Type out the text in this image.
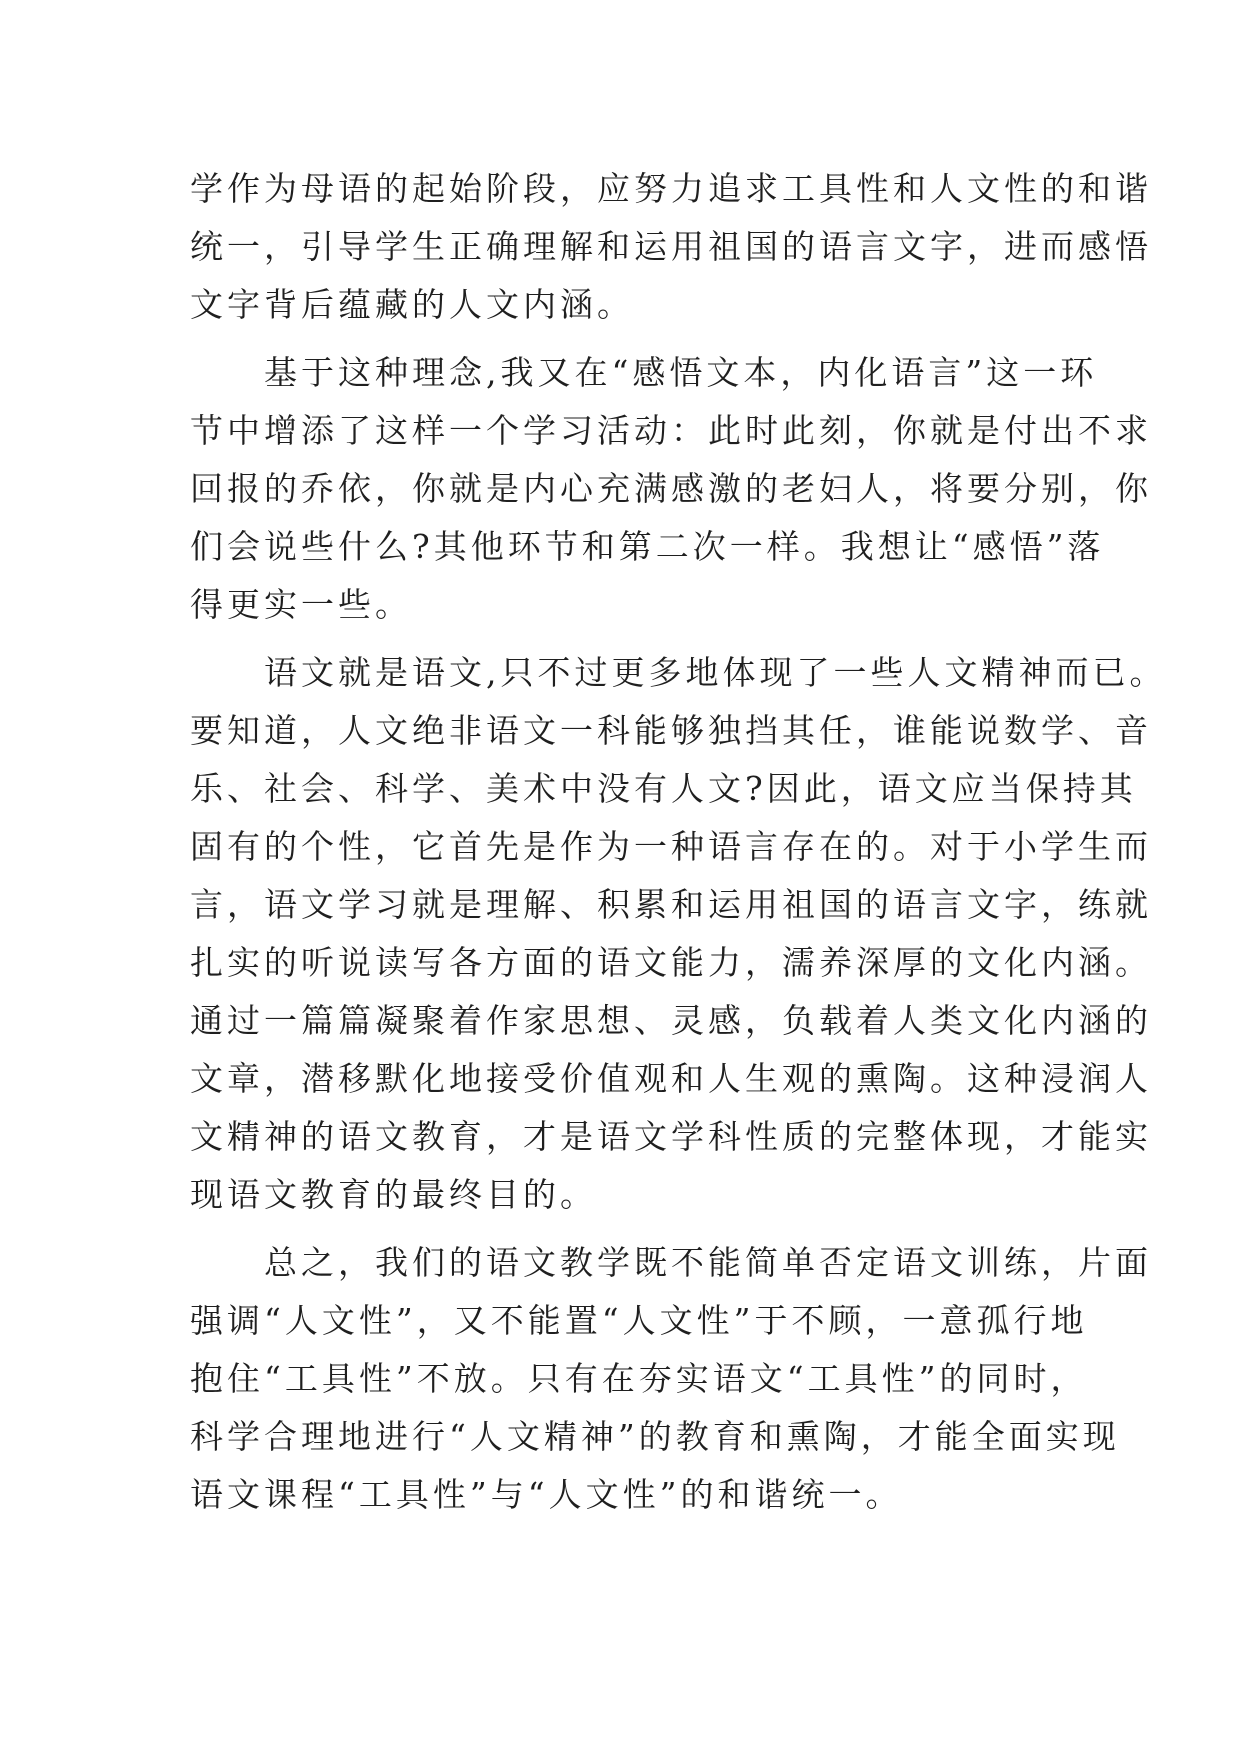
学作为母语的起始阶段，应努力追求工具性和人文性的和谐
统一，引导学生正确理解和运用祖国的语言文字，进而感悟
文字背后蕴藏的人文内涵。
　　基于这种理念,我又在“感悟文本，内化语言”这一环
节中增添了这样一个学习活动：此时此刻，你就是付出不求
回报的乔依，你就是内心充满感激的老妇人，将要分别，你
们会说些什么?其他环节和第二次一样。我想让“感悟”落
得更实一些。
　　语文就是语文,只不过更多地体现了一些人文精神而已。
要知道，人文绝非语文一科能够独挡其任，谁能说数学、音
乐、社会、科学、美术中没有人文?因此，语文应当保持其
固有的个性，它首先是作为一种语言存在的。对于小学生而
言，语文学习就是理解、积累和运用祖国的语言文字，练就
扎实的听说读写各方面的语文能力，濡养深厚的文化内涵。
通过一篇篇凝聚着作家思想、灵感，负载着人类文化内涵的
文章，潜移默化地接受价值观和人生观的熏陶。这种浸润人
文精神的语文教育，才是语文学科性质的完整体现，才能实
现语文教育的最终目的。
　　总之，我们的语文教学既不能简单否定语文训练，片面
强调“人文性”，又不能置“人文性”于不顾，一意孤行地
抱住“工具性”不放。只有在夯实语文“工具性”的同时，
科学合理地进行“人文精神”的教育和熏陶，才能全面实现
语文课程“工具性”与“人文性”的和谐统一。
